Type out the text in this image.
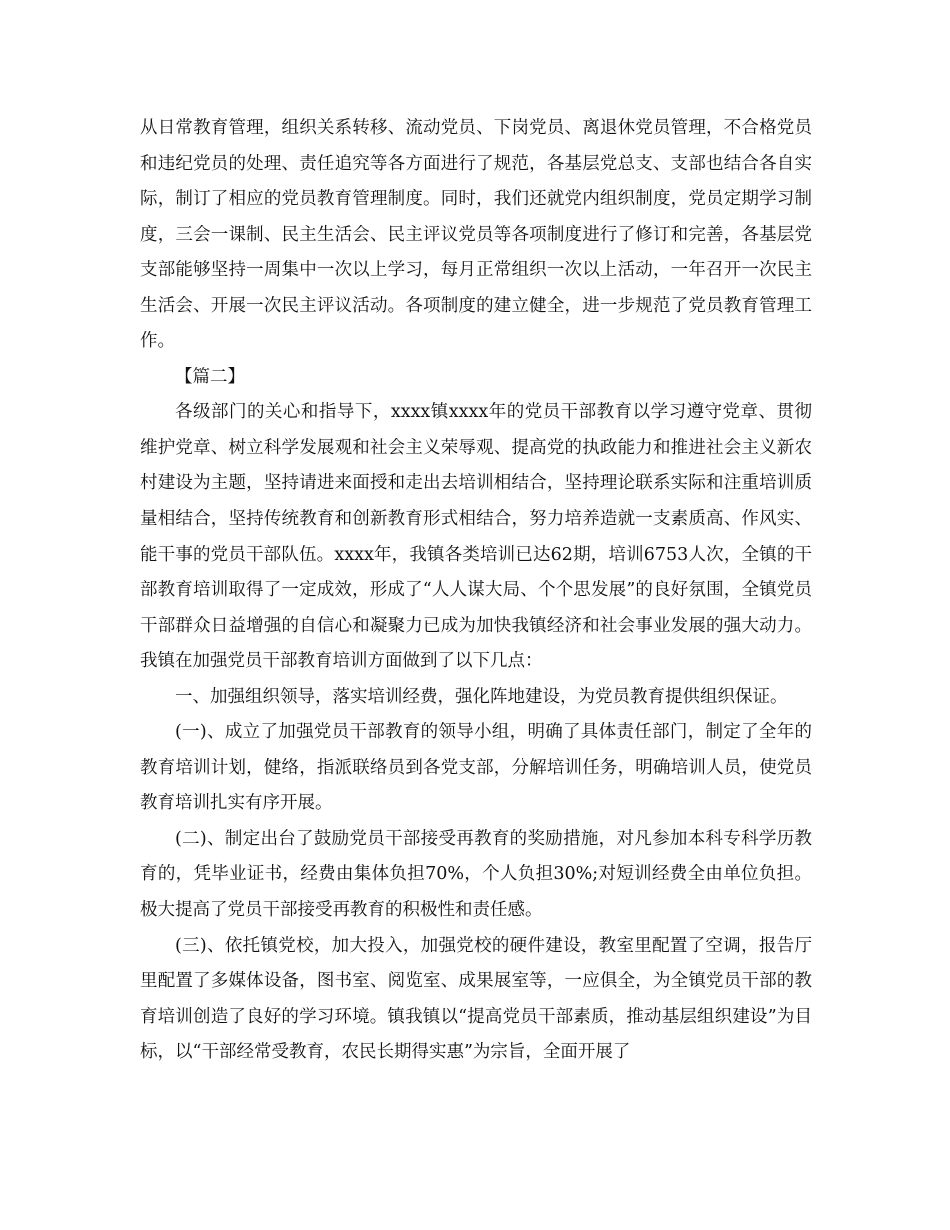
从日常教育管理，组织关系转移、流动党员、下岗党员、离退休党员管理，不合格党员和违纪党员的处理、责任追究等各方面进行了规范，各基层党总支、支部也结合各自实际，制订了相应的党员教育管理制度。同时，我们还就党内组织制度，党员定期学习制度，三会一课制、民主生活会、民主评议党员等各项制度进行了修订和完善，各基层党支部能够坚持一周集中一次以上学习，每月正常组织一次以上活动，一年召开一次民主生活会、开展一次民主评议活动。各项制度的建立健全，进一步规范了党员教育管理工作。

【篇二】

各级部门的关心和指导下，xxxx镇xxxx年的党员干部教育以学习遵守党章、贯彻维护党章、树立科学发展观和社会主义荣辱观、提高党的执政能力和推进社会主义新农村建设为主题，坚持请进来面授和走出去培训相结合，坚持理论联系实际和注重培训质量相结合，坚持传统教育和创新教育形式相结合，努力培养造就一支素质高、作风实、能干事的党员干部队伍。xxxx年，我镇各类培训已达62期，培训6753人次，全镇的干部教育培训取得了一定成效，形成了“人人谋大局、个个思发展”的良好氛围，全镇党员干部群众日益增强的自信心和凝聚力已成为加快我镇经济和社会事业发展的强大动力。我镇在加强党员干部教育培训方面做到了以下几点：

一、加强组织领导，落实培训经费，强化阵地建设，为党员教育提供组织保证。

(一)、成立了加强党员干部教育的领导小组，明确了具体责任部门，制定了全年的教育培训计划，健络，指派联络员到各党支部，分解培训任务，明确培训人员，使党员教育培训扎实有序开展。

(二)、制定出台了鼓励党员干部接受再教育的奖励措施，对凡参加本科专科学历教育的，凭毕业证书，经费由集体负担70%，个人负担30%;对短训经费全由单位负担。极大提高了党员干部接受再教育的积极性和责任感。

(三)、依托镇党校，加大投入，加强党校的硬件建设，教室里配置了空调，报告厅里配置了多媒体设备，图书室、阅览室、成果展室等，一应俱全，为全镇党员干部的教育培训创造了良好的学习环境。镇我镇以“提高党员干部素质，推动基层组织建设”为目标，以“干部经常受教育，农民长期得实惠”为宗旨，全面开展了
